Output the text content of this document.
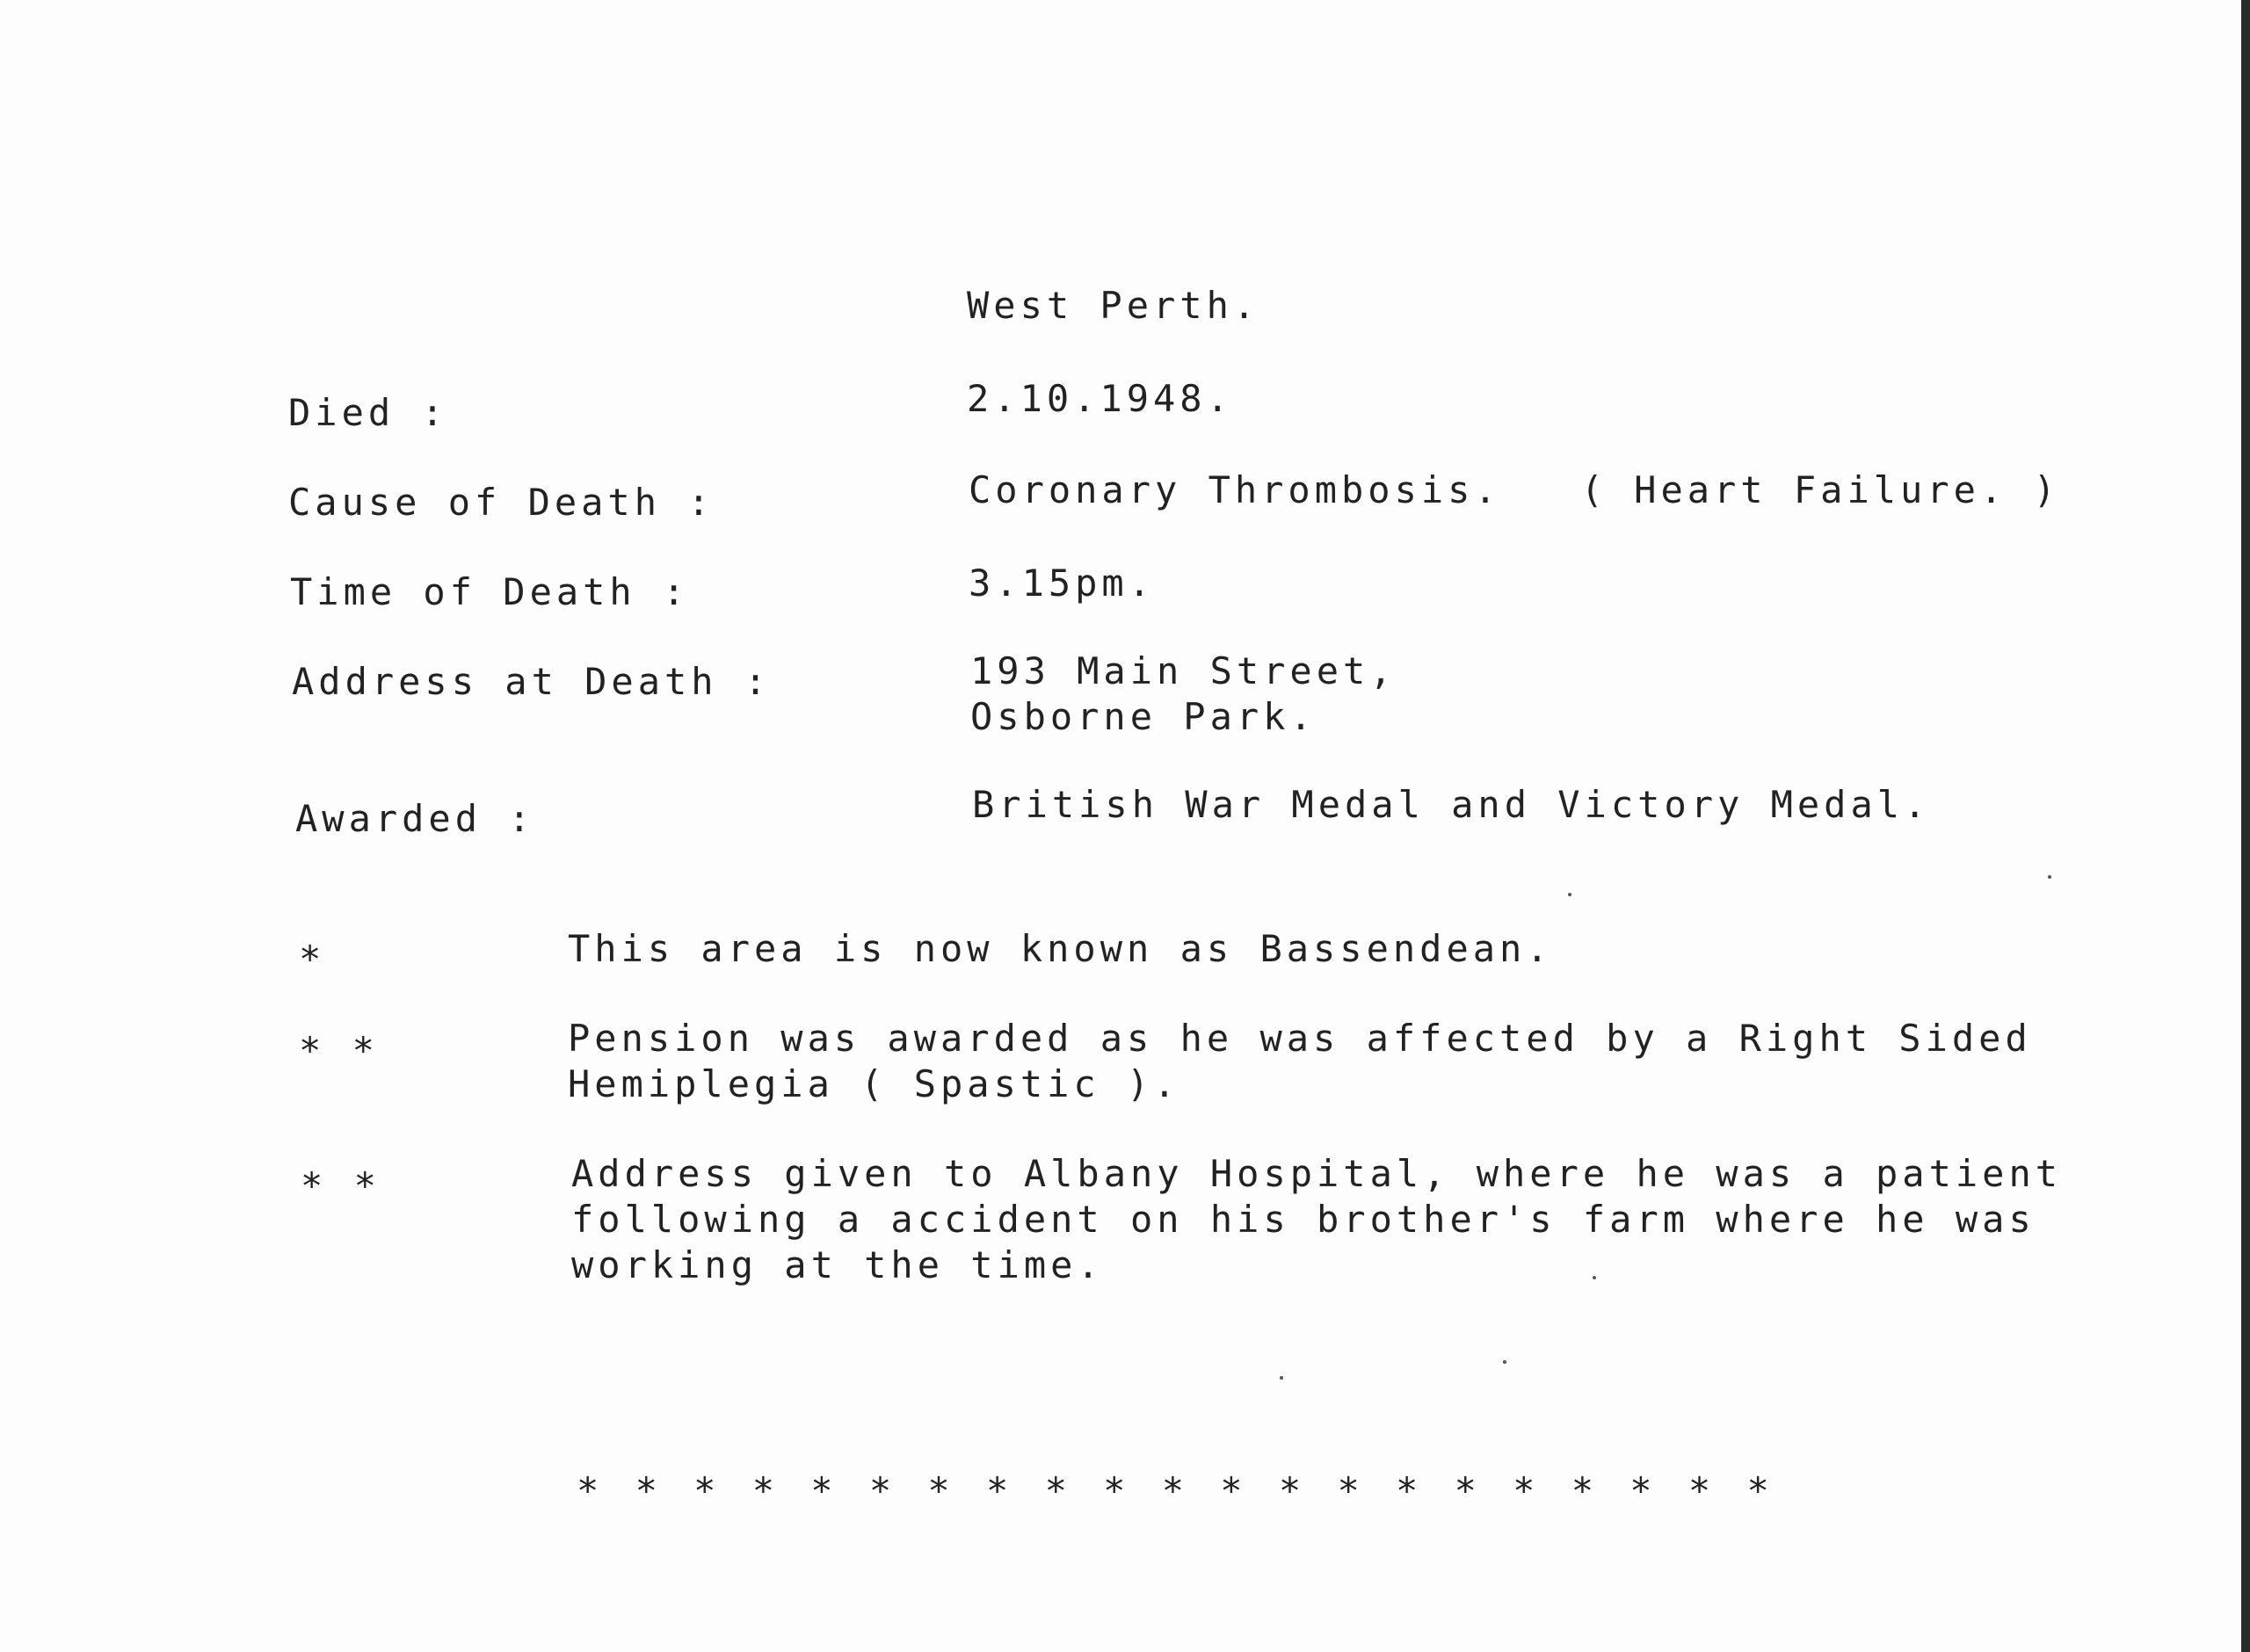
West Perth.
Died :	2.10.1948.
Cause of Death :	Coronary Thrombosis.   ( Heart Failure. )
Time of Death :	3.15pm.
Address at Death :	193 Main Street,
Osborne Park.
Awarded :	British War Medal and Victory Medal.
*	This area is now known as Bassendean.
* *	Pension was awarded as he was affected by a Right Sided
Hemiplegia ( Spastic ).
* *	Address given to Albany Hospital, where he was a patient
following a accident on his brother's farm where he was
working at the time.
* * * * * * * * * * * * * * * * * * * * *
